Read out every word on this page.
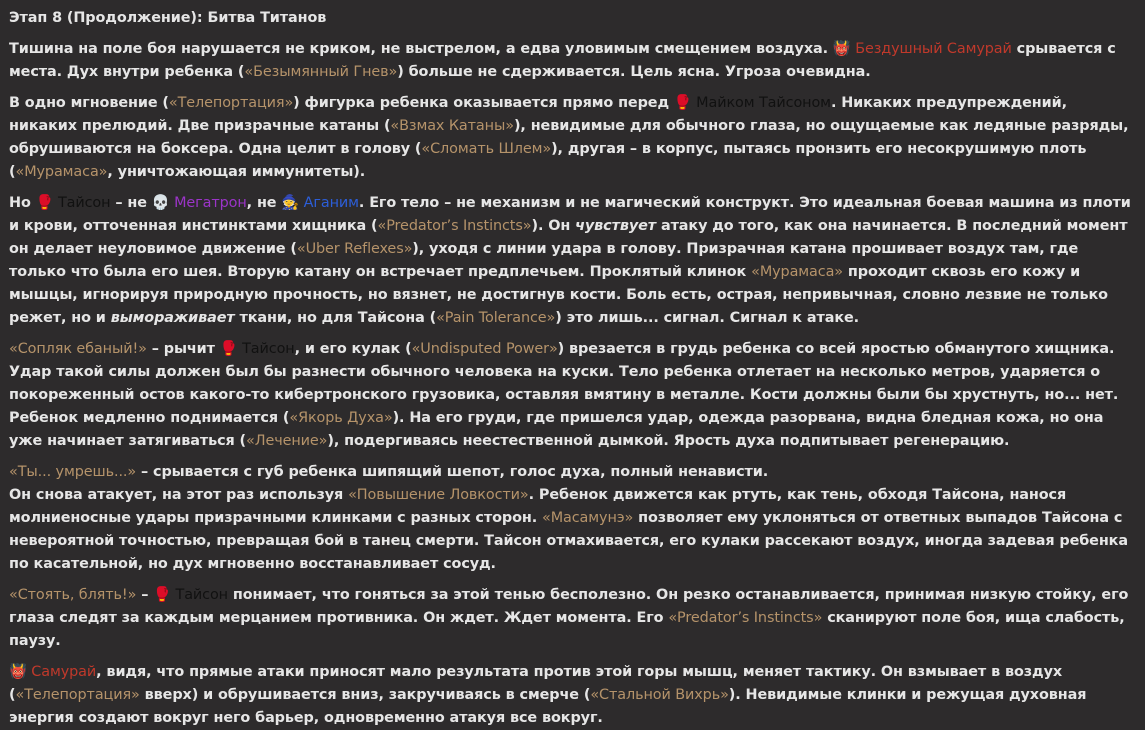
Этап 8 (Продолжение): Битва Титанов

Тишина на поле боя нарушается не криком, не выстрелом, а едва уловимым смещением воздуха. 👹 Бездушный Самурай срывается с места. Дух внутри ребенка («Безымянный Гнев») больше не сдерживается. Цель ясна. Угроза очевидна.

В одно мгновение («Телепортация») фигурка ребенка оказывается прямо перед 🥊 Майком Тайсоном. Никаких предупреждений, никаких прелюдий. Две призрачные катаны («Взмах Катаны»), невидимые для обычного глаза, но ощущаемые как ледяные разряды, обрушиваются на боксера. Одна целит в голову («Сломать Шлем»), другая – в корпус, пытаясь пронзить его несокрушимую плоть («Мурамаса», уничтожающая иммунитеты).

Но 🥊 Тайсон – не 💀 Мегатрон, не 🧙 Аганим. Его тело – не механизм и не магический конструкт. Это идеальная боевая машина из плоти и крови, отточенная инстинктами хищника («Predator’s Instincts»). Он чувствует атаку до того, как она начинается. В последний момент он делает неуловимое движение («Uber Reflexes»), уходя с линии удара в голову. Призрачная катана прошивает воздух там, где только что была его шея. Вторую катану он встречает предплечьем. Проклятый клинок «Мурамаса» проходит сквозь его кожу и мышцы, игнорируя природную прочность, но вязнет, не достигнув кости. Боль есть, острая, непривычная, словно лезвие не только режет, но и вымораживает ткани, но для Тайсона («Pain Tolerance») это лишь... сигнал. Сигнал к атаке.

«Сопляк ебаный!» – рычит 🥊 Тайсон, и его кулак («Undisputed Power») врезается в грудь ребенка со всей яростью обманутого хищника. Удар такой силы должен был бы разнести обычного человека на куски. Тело ребенка отлетает на несколько метров, ударяется о покореженный остов какого-то кибертронского грузовика, оставляя вмятину в металле. Кости должны были бы хрустнуть, но... нет. Ребенок медленно поднимается («Якорь Духа»). На его груди, где пришелся удар, одежда разорвана, видна бледная кожа, но она уже начинает затягиваться («Лечение»), подергиваясь неестественной дымкой. Ярость духа подпитывает регенерацию.

«Ты... умрешь...» – срывается с губ ребенка шипящий шепот, голос духа, полный ненависти.

Он снова атакует, на этот раз используя «Повышение Ловкости». Ребенок движется как ртуть, как тень, обходя Тайсона, нанося молниеносные удары призрачными клинками с разных сторон. «Масамунэ» позволяет ему уклоняться от ответных выпадов Тайсона с невероятной точностью, превращая бой в танец смерти. Тайсон отмахивается, его кулаки рассекают воздух, иногда задевая ребенка по касательной, но дух мгновенно восстанавливает сосуд.

«Стоять, блять!» – 🥊 Тайсон понимает, что гоняться за этой тенью бесполезно. Он резко останавливается, принимая низкую стойку, его глаза следят за каждым мерцанием противника. Он ждет. Ждет момента. Его «Predator’s Instincts» сканируют поле боя, ища слабость, паузу.

👹 Самурай, видя, что прямые атаки приносят мало результата против этой горы мышц, меняет тактику. Он взмывает в воздух («Телепортация» вверх) и обрушивается вниз, закручиваясь в смерче («Стальной Вихрь»). Невидимые клинки и режущая духовная энергия создают вокруг него барьер, одновременно атакуя все вокруг.
